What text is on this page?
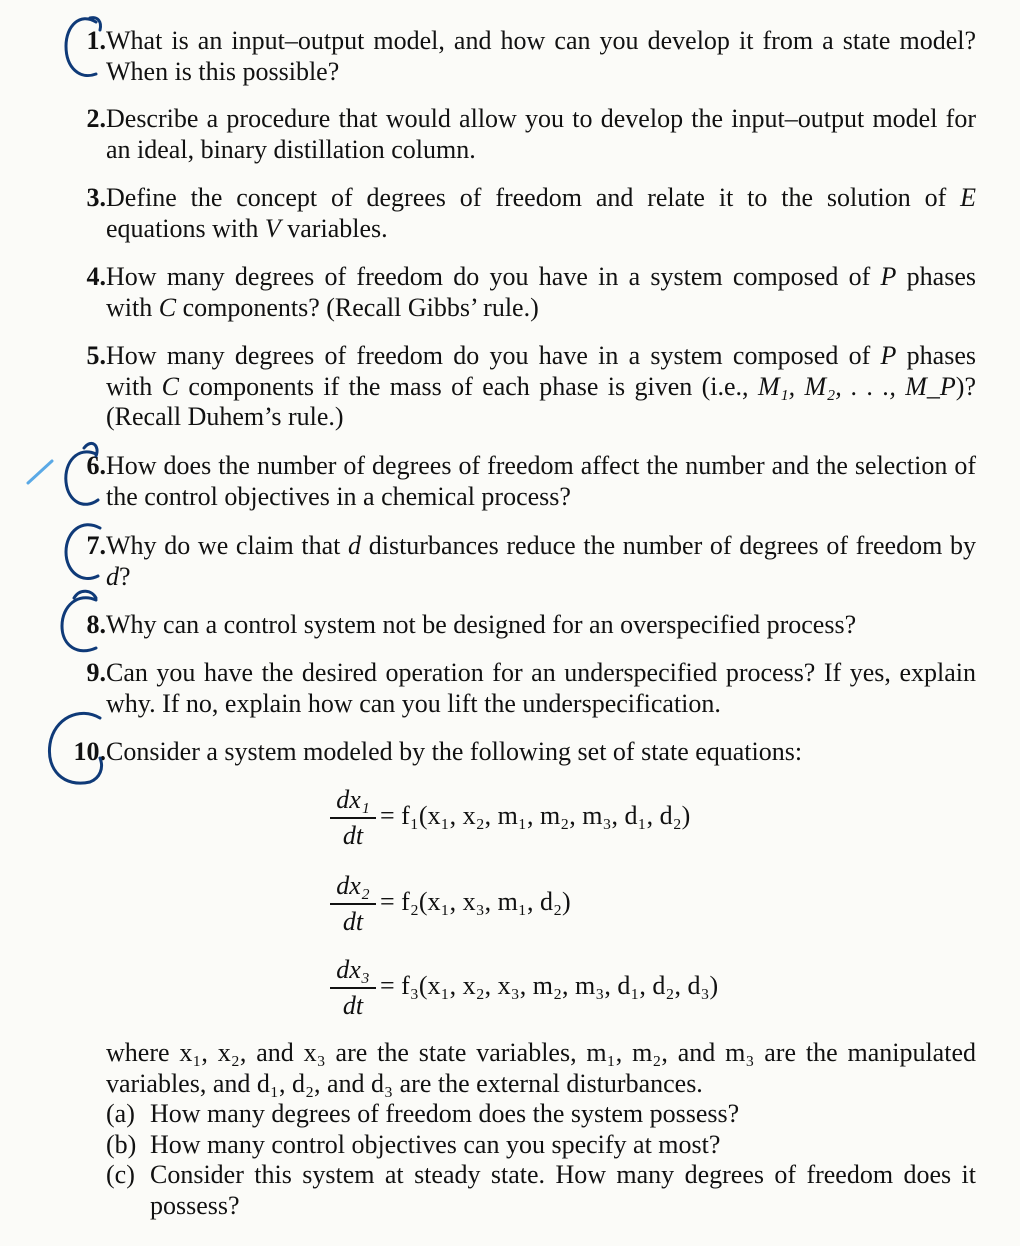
1. What is an input–output model, and how can you develop it from a state model? When is this possible?
2. Describe a procedure that would allow you to develop the input–output model for an ideal, binary distillation column.
3. Define the concept of degrees of freedom and relate it to the solution of E equations with V variables.
4. How many degrees of freedom do you have in a system composed of P phases with C components? (Recall Gibbs’ rule.)
5. How many degrees of freedom do you have in a system composed of P phases with C components if the mass of each phase is given (i.e., M₁, M₂, . . ., M_P)? (Recall Duhem’s rule.)
6. How does the number of degrees of freedom affect the number and the selection of the control objectives in a chemical process?
7. Why do we claim that d disturbances reduce the number of degrees of freedom by d?
8. Why can a control system not be designed for an overspecified process?
9. Can you have the desired operation for an underspecified process? If yes, explain why. If no, explain how can you lift the underspecification.
10. Consider a system modeled by the following set of state equations:
dx₁
dt
= f₁(x₁, x₂, m₁, m₂, m₃, d₁, d₂)
dx₂
dt
= f₂(x₁, x₃, m₁, d₂)
dx₃
dt
= f₃(x₁, x₂, x₃, m₂, m₃, d₁, d₂, d₃)

where x₁, x₂, and x₃ are the state variables, m₁, m₂, and m₃ are the manipulated variables, and d₁, d₂, and d₃ are the external disturbances.

(a) How many degrees of freedom does the system possess?

(b) How many control objectives can you specify at most?

(c) Consider this system at steady state. How many degrees of freedom does it possess?
